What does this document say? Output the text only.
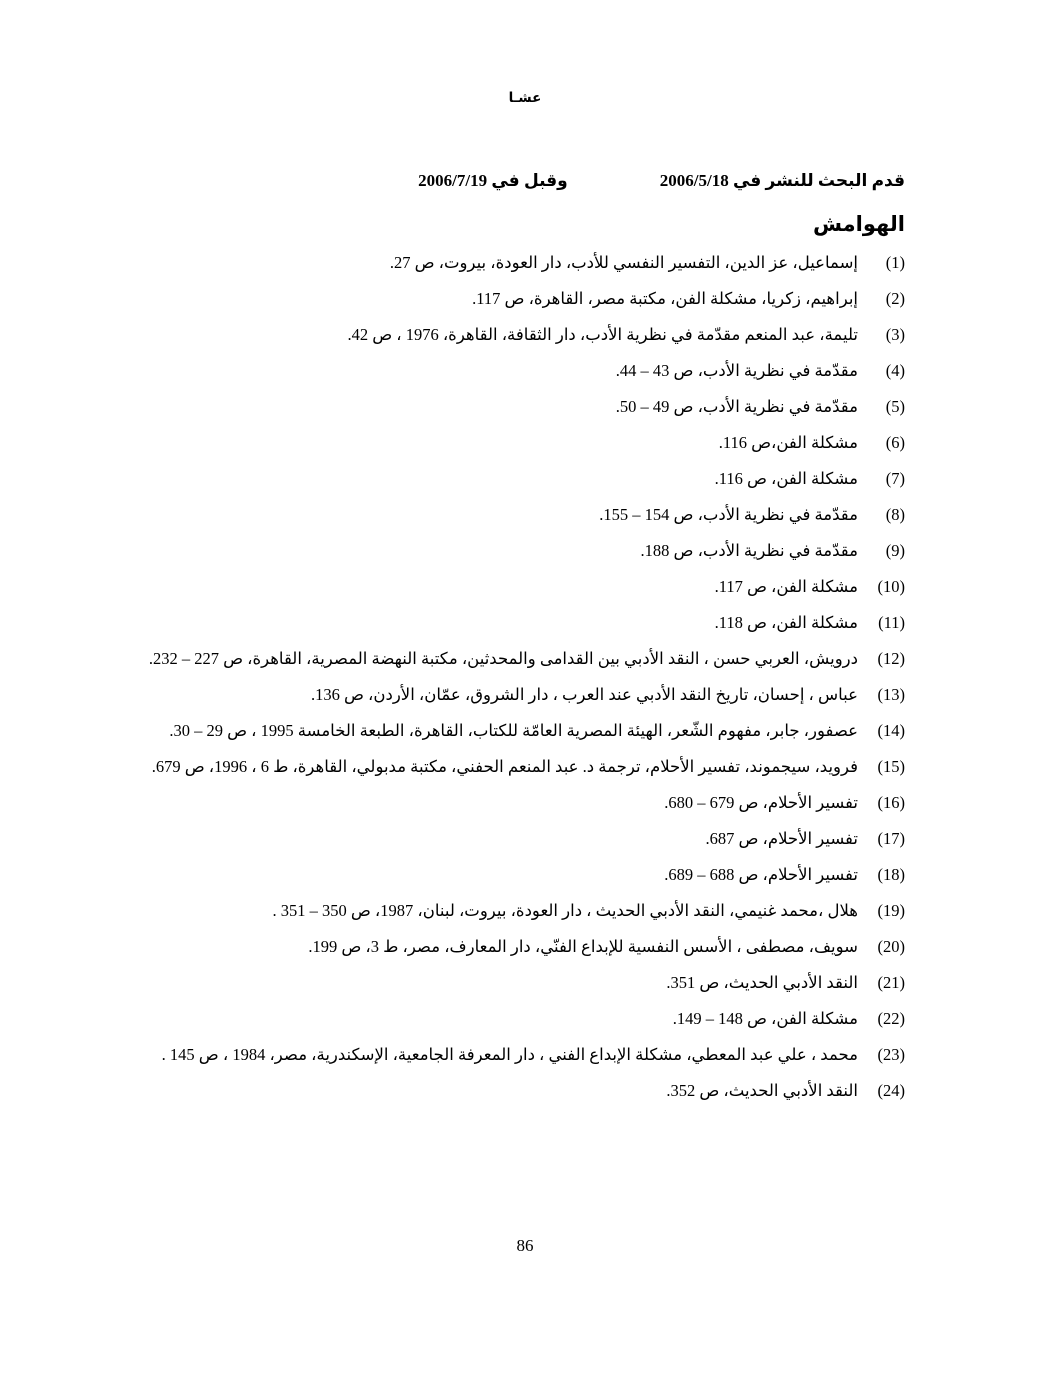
عشـا
قدم البحث للنشر في 2006/5/18
وقبل في 2006/7/19
الهوامش
(1)
إسماعيل، عز الدين، التفسير النفسي للأدب، دار العودة، بيروت، ص 27.
(2)
إبراهيم، زكريا، مشكلة الفن، مكتبة مصر، القاهرة، ص 117.
(3)
تليمة، عبد المنعم مقدّمة في نظرية الأدب، دار الثقافة، القاهرة، 1976 ، ص 42.
(4)
مقدّمة في نظرية الأدب، ص 43 – 44.
(5)
مقدّمة في نظرية الأدب، ص 49 – 50.
(6)
مشكلة الفن،ص 116.
(7)
مشكلة الفن، ص 116.
(8)
مقدّمة في نظرية الأدب، ص 154 – 155.
(9)
مقدّمة في نظرية الأدب، ص 188.
(10)
مشكلة الفن، ص 117.
(11)
مشكلة الفن، ص 118.
(12)
درويش، العربي حسن ، النقد الأدبي بين القدامى والمحدثين، مكتبة النهضة المصرية، القاهرة، ص 227 – 232.
(13)
عباس ، إحسان، تاريخ النقد الأدبي عند العرب ، دار الشروق، عمّان، الأردن، ص 136.
(14)
عصفور، جابر، مفهوم الشّعر، الهيئة المصرية العامّة للكتاب، القاهرة، الطبعة الخامسة 1995 ، ص 29 – 30.
(15)
فرويد، سيجموند، تفسير الأحلام، ترجمة د. عبد المنعم الحفني، مكتبة مدبولي، القاهرة، ط 6 ، 1996، ص 679.
(16)
تفسير الأحلام، ص 679 – 680.
(17)
تفسير الأحلام، ص 687.
(18)
تفسير الأحلام، ص 688 – 689.
(19)
هلال ،محمد غنيمي، النقد الأدبي الحديث ، دار العودة، بيروت، لبنان، 1987، ص 350 – 351 .
(20)
سويف، مصطفى ، الأسس النفسية للإبداع الفنّي، دار المعارف، مصر، ط 3، ص 199.
(21)
النقد الأدبي الحديث، ص 351.
(22)
مشكلة الفن، ص 148 – 149.
(23)
محمد ، علي عبد المعطي، مشكلة الإبداع الفني ، دار المعرفة الجامعية، الإسكندرية، مصر، 1984 ، ص 145 .
(24)
النقد الأدبي الحديث، ص 352.
86
